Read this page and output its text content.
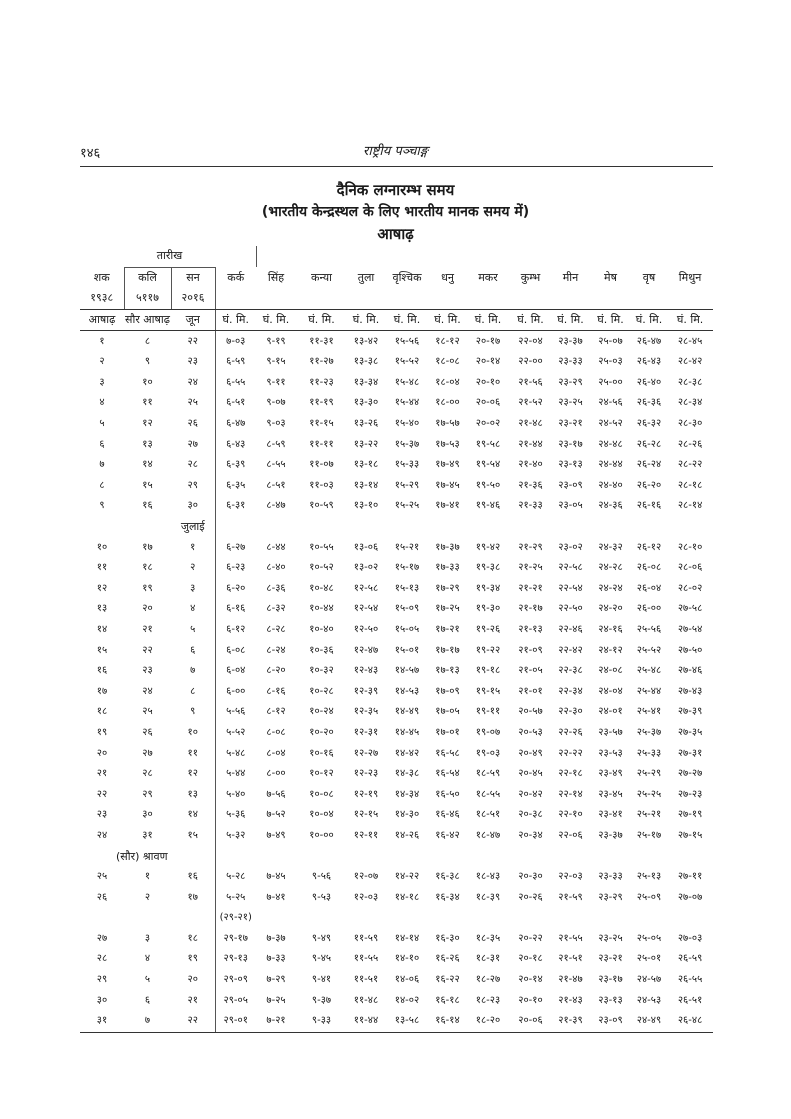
१४६	राष्ट्रीय पञ्चाङ्ग
दैनिक लग्नारम्भ समय
(भारतीय केन्द्रस्थल के लिए भारतीय मानक समय में)
आषाढ़
	तारीख													
शक	कलि	सन	कर्क	सिंह	कन्या	तुला	वृश्चिक	धनु	मकर	कुम्भ	मीन	मेष	वृष	मिथुन
१९३८	५११७	२०१६												
आषाढ़	सौर आषाढ़	जून	घं. मि.	घं. मि.	घं. मि.	घं. मि.	घं. मि.	घं. मि.	घं. मि.	घं. मि.	घं. मि.	घं. मि.	घं. मि.	घं. मि.
१	८	२२	७-०३	९-१९	११-३१	१३-४२	१५-५६	१८-१२	२०-१७	२२-०४	२३-३७	२५-०७	२६-४७	२८-४५
२	९	२३	६-५९	९-१५	११-२७	१३-३८	१५-५२	१८-०८	२०-१४	२२-००	२३-३३	२५-०३	२६-४३	२८-४२
३	१०	२४	६-५५	९-११	११-२३	१३-३४	१५-४८	१८-०४	२०-१०	२१-५६	२३-२९	२५-००	२६-४०	२८-३८
४	११	२५	६-५१	९-०७	११-१९	१३-३०	१५-४४	१८-००	२०-०६	२१-५२	२३-२५	२४-५६	२६-३६	२८-३४
५	१२	२६	६-४७	९-०३	११-१५	१३-२६	१५-४०	१७-५७	२०-०२	२१-४८	२३-२१	२४-५२	२६-३२	२८-३०
६	१३	२७	६-४३	८-५९	११-११	१३-२२	१५-३७	१७-५३	१९-५८	२१-४४	२३-१७	२४-४८	२६-२८	२८-२६
७	१४	२८	६-३९	८-५५	११-०७	१३-१८	१५-३३	१७-४९	१९-५४	२१-४०	२३-१३	२४-४४	२६-२४	२८-२२
८	१५	२९	६-३५	८-५१	११-०३	१३-१४	१५-२९	१७-४५	१९-५०	२१-३६	२३-०९	२४-४०	२६-२०	२८-१८
९	१६	३०	६-३१	८-४७	१०-५९	१३-१०	१५-२५	१७-४१	१९-४६	२१-३३	२३-०५	२४-३६	२६-१६	२८-१४
		जुलाई												
१०	१७	१	६-२७	८-४४	१०-५५	१३-०६	१५-२१	१७-३७	१९-४२	२१-२९	२३-०२	२४-३२	२६-१२	२८-१०
११	१८	२	६-२३	८-४०	१०-५२	१३-०२	१५-१७	१७-३३	१९-३८	२१-२५	२२-५८	२४-२८	२६-०८	२८-०६
१२	१९	३	६-२०	८-३६	१०-४८	१२-५८	१५-१३	१७-२९	१९-३४	२१-२१	२२-५४	२४-२४	२६-०४	२८-०२
१३	२०	४	६-१६	८-३२	१०-४४	१२-५४	१५-०९	१७-२५	१९-३०	२१-१७	२२-५०	२४-२०	२६-००	२७-५८
१४	२१	५	६-१२	८-२८	१०-४०	१२-५०	१५-०५	१७-२१	१९-२६	२१-१३	२२-४६	२४-१६	२५-५६	२७-५४
१५	२२	६	६-०८	८-२४	१०-३६	१२-४७	१५-०१	१७-१७	१९-२२	२१-०९	२२-४२	२४-१२	२५-५२	२७-५०
१६	२३	७	६-०४	८-२०	१०-३२	१२-४३	१४-५७	१७-१३	१९-१८	२१-०५	२२-३८	२४-०८	२५-४८	२७-४६
१७	२४	८	६-००	८-१६	१०-२८	१२-३९	१४-५३	१७-०९	१९-१५	२१-०१	२२-३४	२४-०४	२५-४४	२७-४३
१८	२५	९	५-५६	८-१२	१०-२४	१२-३५	१४-४९	१७-०५	१९-११	२०-५७	२२-३०	२४-०१	२५-४१	२७-३९
१९	२६	१०	५-५२	८-०८	१०-२०	१२-३१	१४-४५	१७-०१	१९-०७	२०-५३	२२-२६	२३-५७	२५-३७	२७-३५
२०	२७	११	५-४८	८-०४	१०-१६	१२-२७	१४-४२	१६-५८	१९-०३	२०-४९	२२-२२	२३-५३	२५-३३	२७-३१
२१	२८	१२	५-४४	८-००	१०-१२	१२-२३	१४-३८	१६-५४	१८-५९	२०-४५	२२-१८	२३-४९	२५-२९	२७-२७
२२	२९	१३	५-४०	७-५६	१०-०८	१२-१९	१४-३४	१६-५०	१८-५५	२०-४२	२२-१४	२३-४५	२५-२५	२७-२३
२३	३०	१४	५-३६	७-५२	१०-०४	१२-१५	१४-३०	१६-४६	१८-५१	२०-३८	२२-१०	२३-४१	२५-२१	२७-१९
२४	३१	१५	५-३२	७-४९	१०-००	१२-११	१४-२६	१६-४२	१८-४७	२०-३४	२२-०६	२३-३७	२५-१७	२७-१५
(सौर) श्रावण														
२५	१	१६	५-२८	७-४५	९-५६	१२-०७	१४-२२	१६-३८	१८-४३	२०-३०	२२-०३	२३-३३	२५-१३	२७-११
२६	२	१७	५-२५	७-४१	९-५३	१२-०३	१४-१८	१६-३४	१८-३९	२०-२६	२१-५९	२३-२९	२५-०९	२७-०७
			(२९-२१)											
२७	३	१८	२९-१७	७-३७	९-४९	११-५९	१४-१४	१६-३०	१८-३५	२०-२२	२१-५५	२३-२५	२५-०५	२७-०३
२८	४	१९	२९-१३	७-३३	९-४५	११-५५	१४-१०	१६-२६	१८-३१	२०-१८	२१-५१	२३-२१	२५-०१	२६-५९
२९	५	२०	२९-०९	७-२९	९-४१	११-५१	१४-०६	१६-२२	१८-२७	२०-१४	२१-४७	२३-१७	२४-५७	२६-५५
३०	६	२१	२९-०५	७-२५	९-३७	११-४८	१४-०२	१६-१८	१८-२३	२०-१०	२१-४३	२३-१३	२४-५३	२६-५१
३१	७	२२	२९-०१	७-२१	९-३३	११-४४	१३-५८	१६-१४	१८-२०	२०-०६	२१-३९	२३-०९	२४-४९	२६-४८
